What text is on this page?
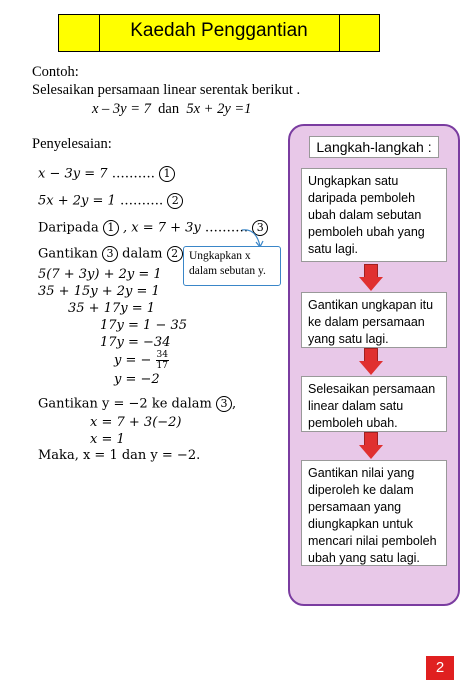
Kaedah Penggantian
Contoh:
Selesaikan persamaan linear serentak berikut .
x – 3y = 7 dan 5x + 2y =1
Penyelesaian:
x − 3y = 7 ………. 1
5x + 2y = 1 ………. 2
Daripada 1 , x = 7 + 3y ………. 3
Gantikan 3 dalam 2
5(7 + 3y) + 2y = 1
35 + 15y + 2y = 1
35 + 17y = 1
17y = 1 − 35
17y = −34
y = − $\frac{34}{17}$
y = −2
Gantikan y = −2 ke dalam 3 ,
x = 7 + 3(−2)
x = 1
Maka, x = 1 dan y = −2.
Ungkapkan x
dalam sebutan y.
Langkah-langkah :
Ungkapkan satu daripada pemboleh ubah dalam sebutan pemboleh ubah yang satu lagi.
Gantikan ungkapan itu ke dalam persamaan yang satu lagi.
Selesaikan persamaan linear dalam satu pemboleh ubah.
Gantikan nilai yang diperoleh ke dalam persamaan yang diungkapkan untuk mencari nilai pemboleh ubah yang satu lagi.
2
